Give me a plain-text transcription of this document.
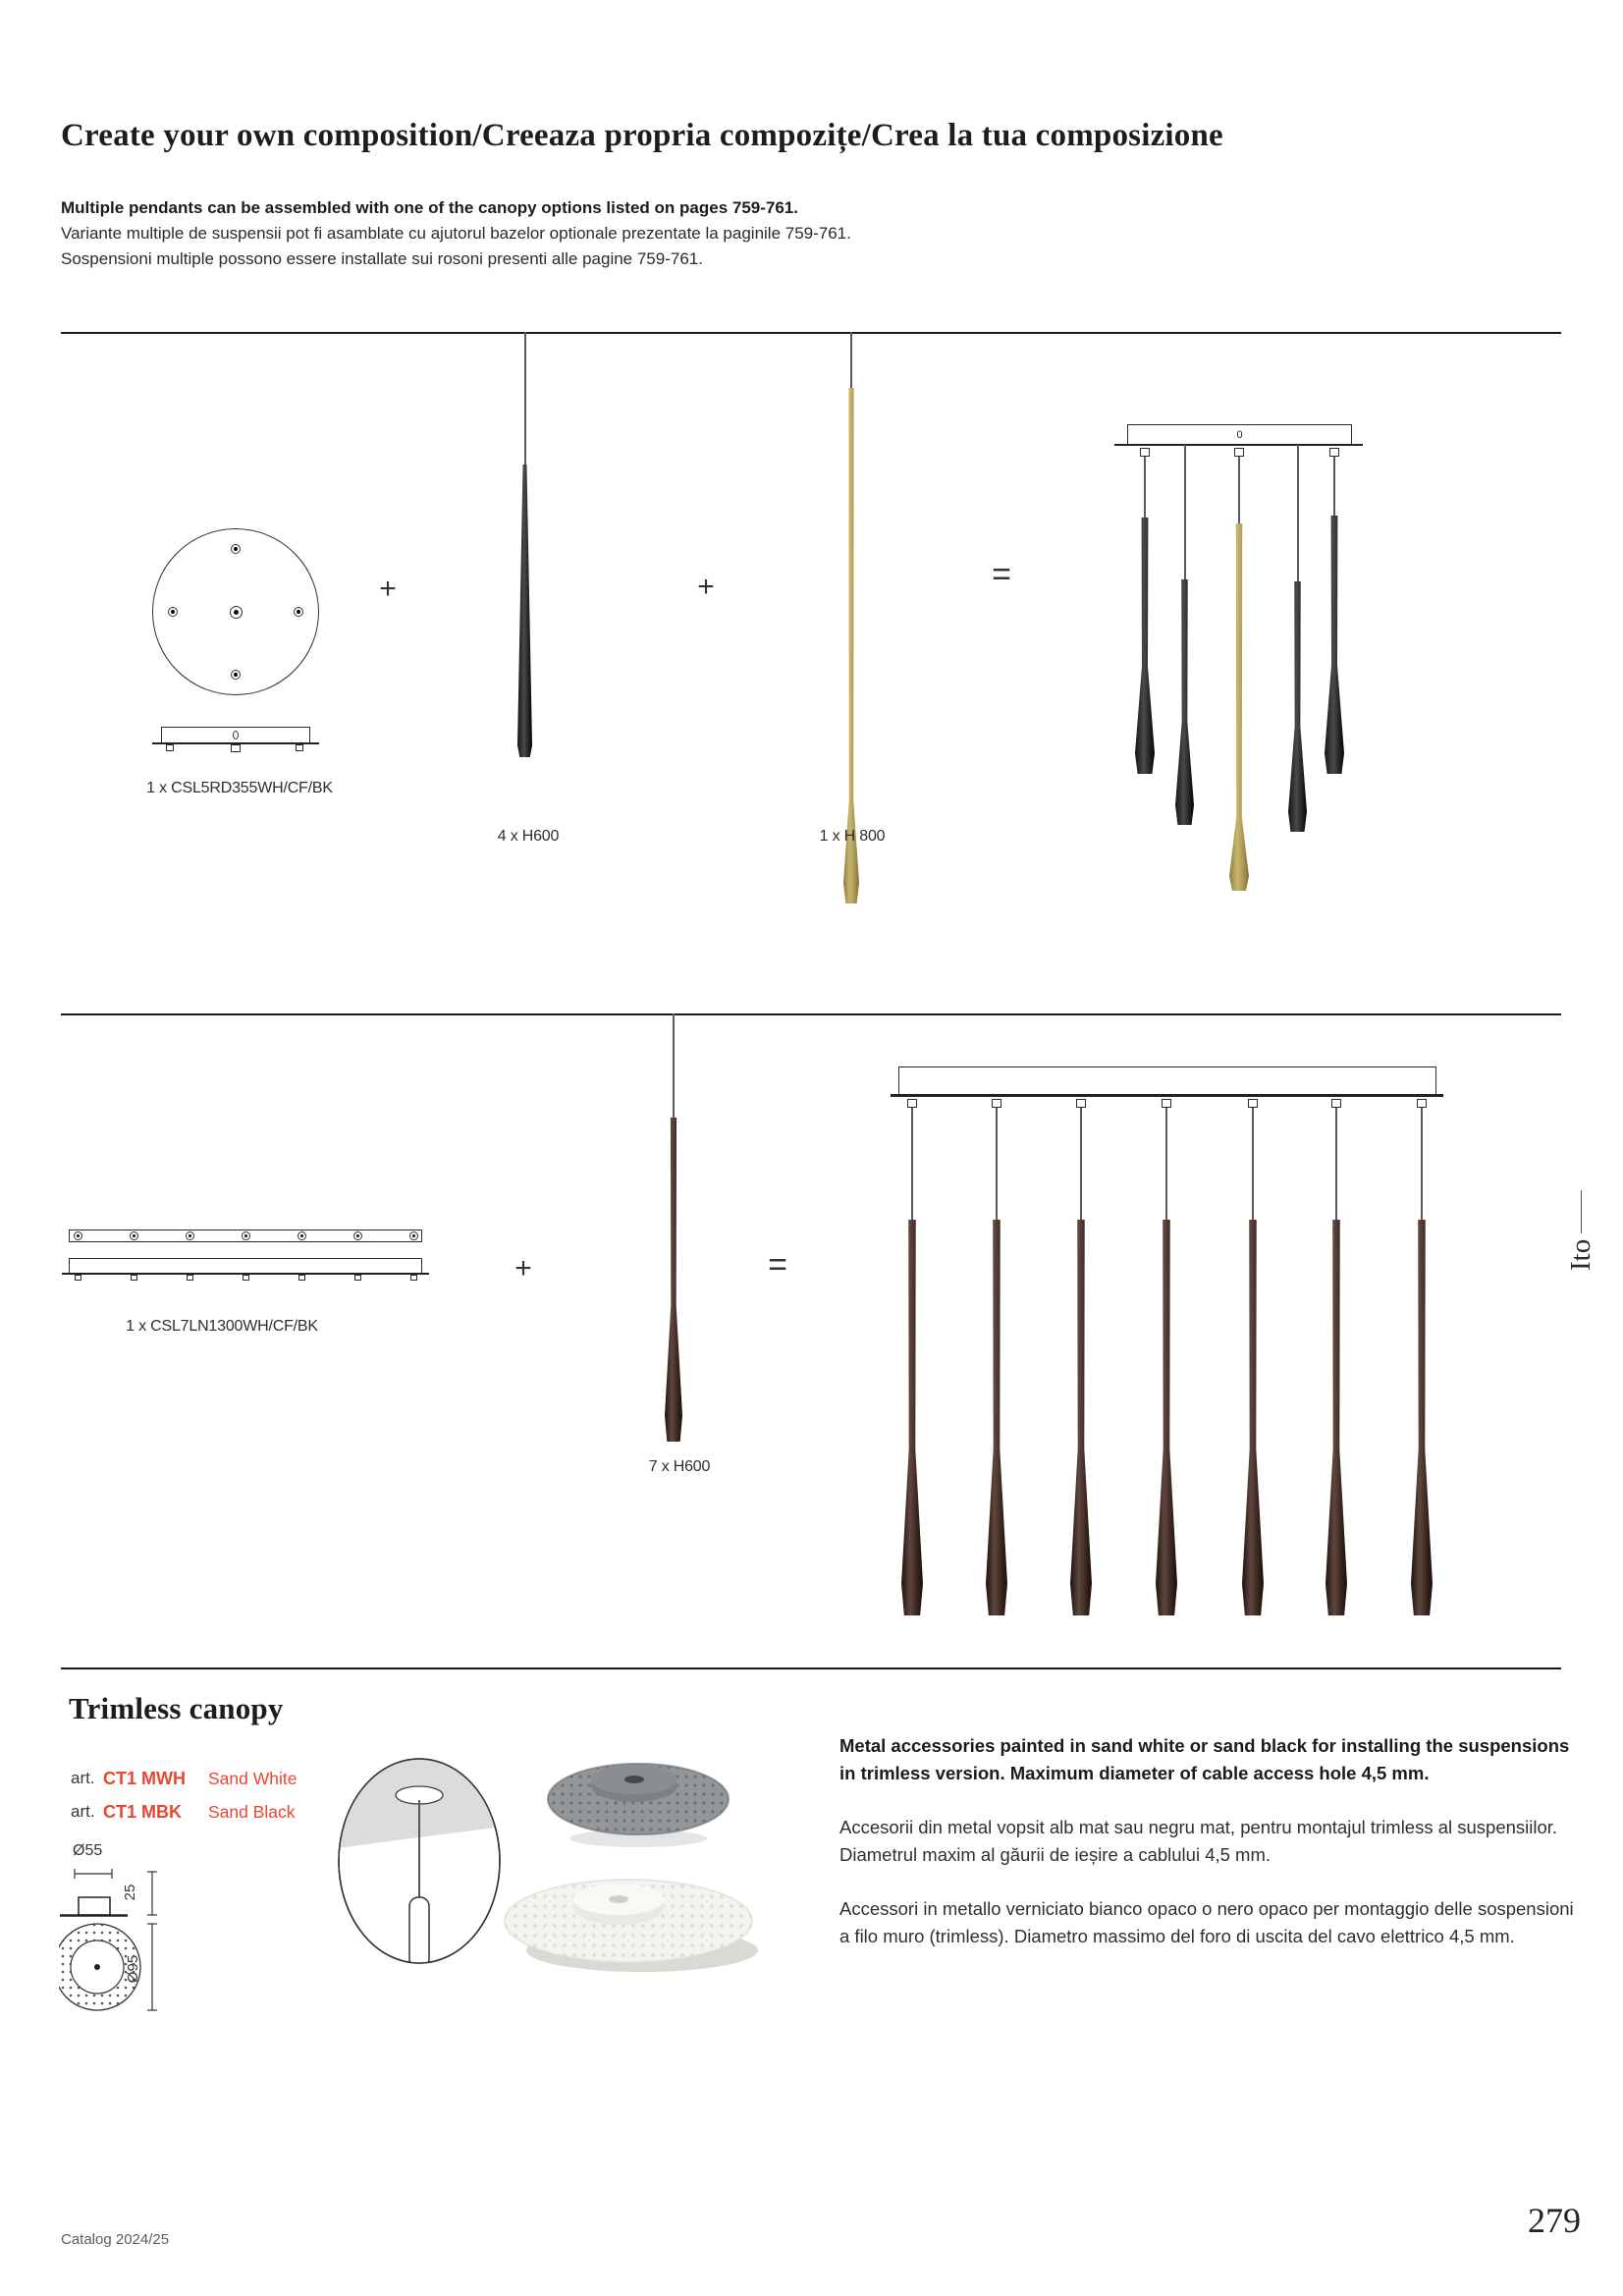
Create your own composition/Creeaza propria compozițe/Crea la tua composizione
Multiple pendants can be assembled with one of the canopy options listed on pages 759-761.
Variante multiple de suspensii pot fi asamblate cu ajutorul bazelor optionale prezentate la paginile 759-761.
Sospensioni multiple possono essere installate sui rosoni presenti alle pagine 759-761.
1 x CSL5RD355WH/CF/BK
+
4 x H600
+
1 x H 800
=
0
1 x CSL7LN1300WH/CF/BK
+
7 x H600
=
Trimless canopy
art. CT1 MWH Sand White
art. CT1 MBK Sand Black
Ø55
25

Metal accessories painted in sand white or sand black for installing the suspensions in trimless version. Maximum diameter of cable access hole 4,5 mm.

Accesorii din metal vopsit alb mat sau negru mat, pentru montajul trimless al suspensiilor. Diametrul maxim al găurii de ieșire a cablului 4,5 mm.

Accessori in metallo verniciato bianco opaco o nero opaco per montaggio delle sospensioni a filo muro (trimless). Diametro massimo del foro di uscita del cavo elettrico 4,5 mm.

Ito
Catalog 2024/25	279
